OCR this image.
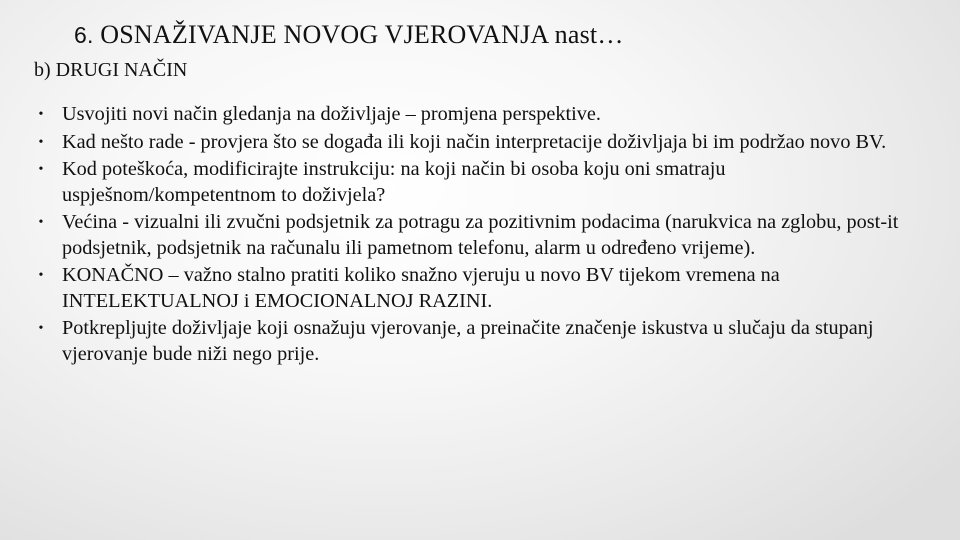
6. OSNAŽIVANJE NOVOG VJEROVANJA nast…
b) DRUGI NAČIN
• Usvojiti novi način gledanja na doživljaje – promjena perspektive.
• Kad nešto rade - provjera što se događa ili koji način interpretacije doživljaja bi im podržao novo BV.
• Kod poteškoća, modificirajte instrukciju: na koji način bi osoba koju oni smatraju uspješnom/kompetentnom to doživjela?
• Većina - vizualni ili zvučni podsjetnik za potragu za pozitivnim podacima (narukvica na zglobu, post-it podsjetnik, podsjetnik na računalu ili pametnom telefonu, alarm u određeno vrijeme).
• KONAČNO – važno stalno pratiti koliko snažno vjeruju u novo BV tijekom vremena na INTELEKTUALNOJ i EMOCIONALNOJ RAZINI.
• Potkrepljujte doživljaje koji osnažuju vjerovanje, a preinačite značenje iskustva u slučaju da stupanj vjerovanje bude niži nego prije.
